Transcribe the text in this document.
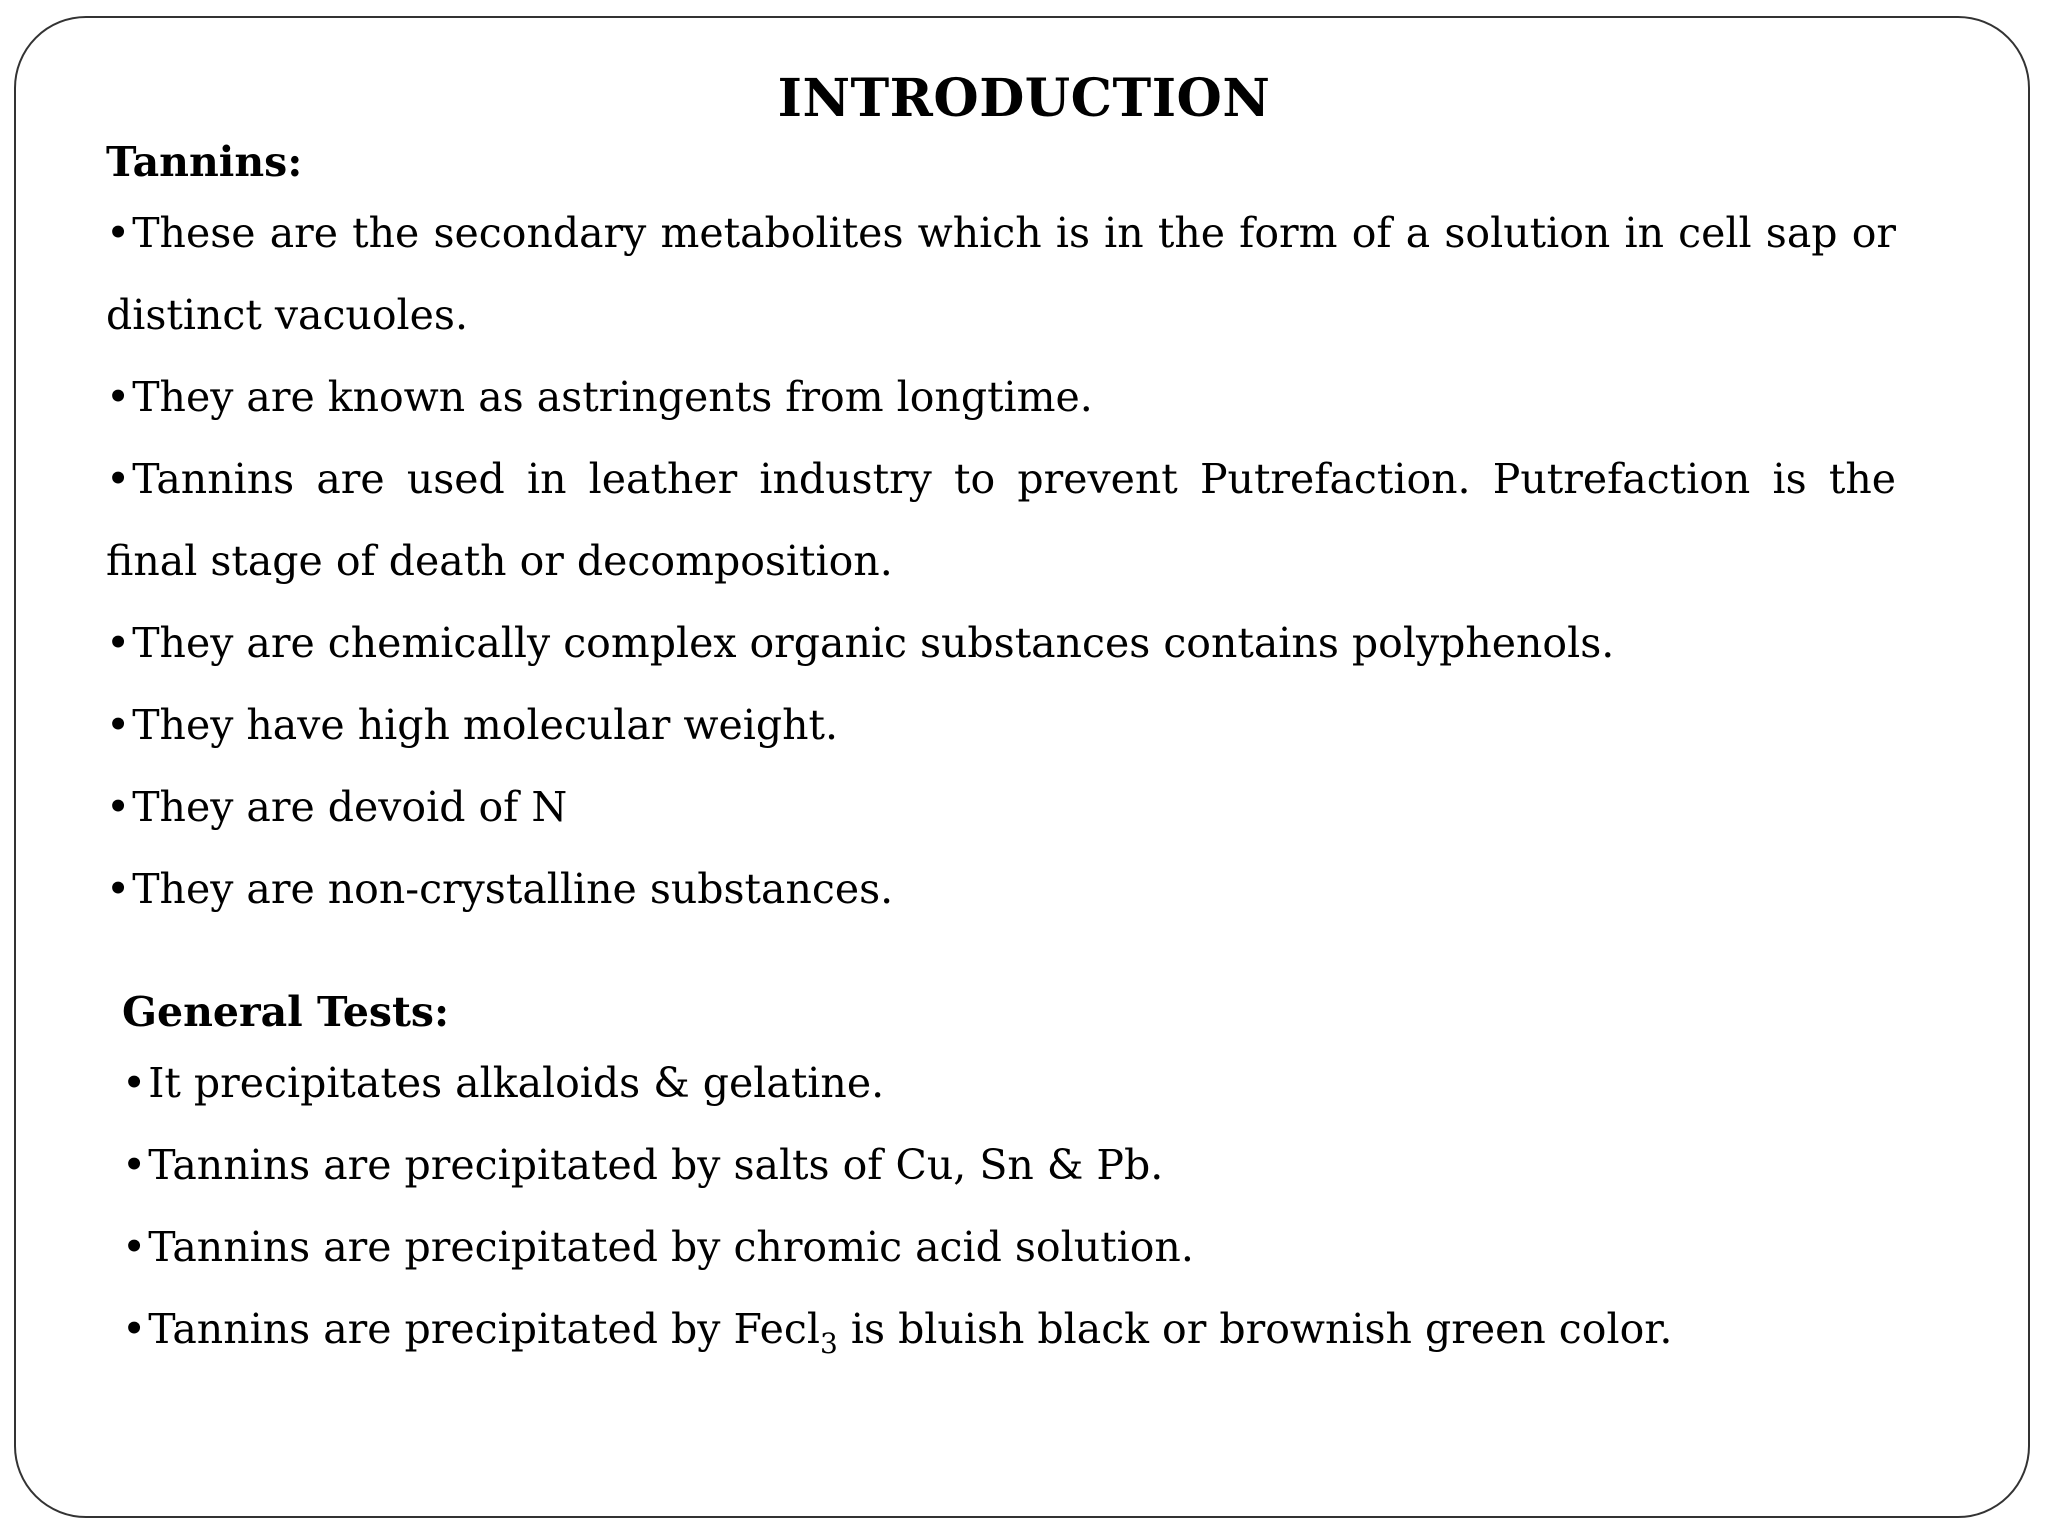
INTRODUCTION

Tannins:

•These are the secondary metabolites which is in the form of a solution in cell sap or distinct vacuoles.

•They are known as astringents from longtime.

•Tannins are used in leather industry to prevent Putrefaction. Putrefaction is the final stage of death or decomposition.

•They are chemically complex organic substances contains polyphenols.

•They have high molecular weight.

•They are devoid of N

•They are non-crystalline substances.

General Tests:

•It precipitates alkaloids & gelatine.

•Tannins are precipitated by salts of Cu, Sn & Pb.

•Tannins are precipitated by chromic acid solution.

•Tannins are precipitated by Fecl$_3$ is bluish black or brownish green color.
